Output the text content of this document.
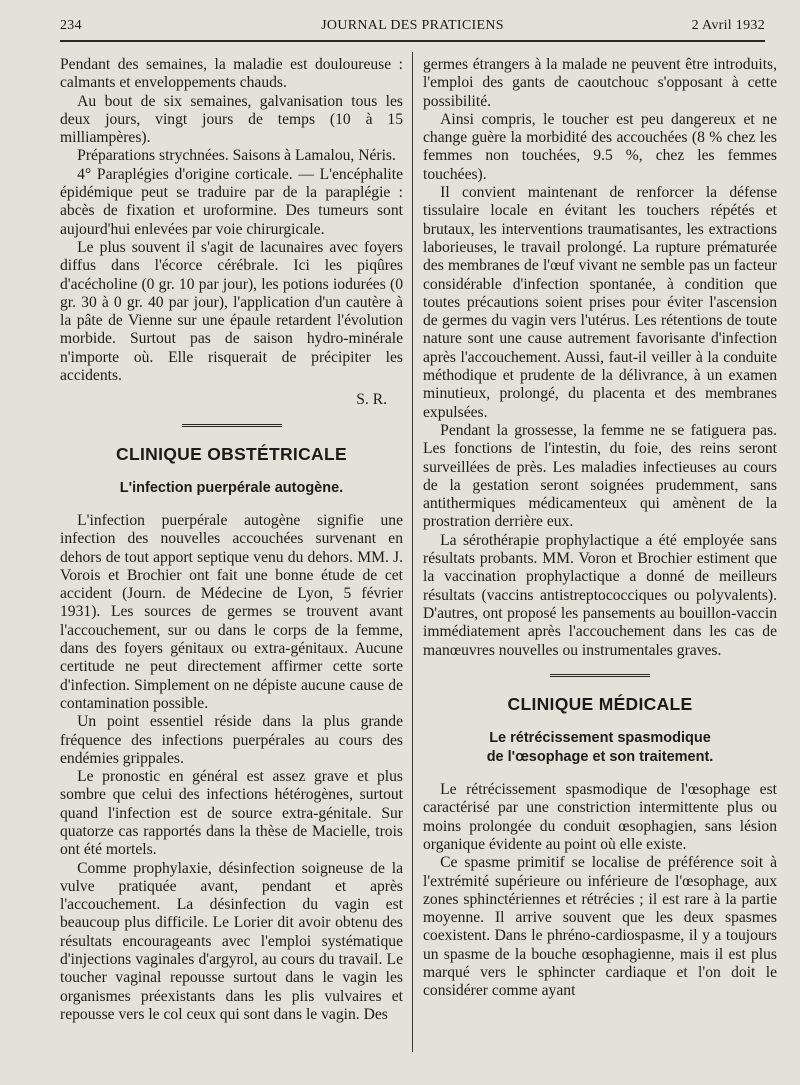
234	JOURNAL DES PRATICIENS	2 Avril 1932

Pendant des semaines, la maladie est douloureuse : calmants et enveloppements chauds.

Au bout de six semaines, galvanisation tous les deux jours, vingt jours de temps (10 à 15 milliampères).

Préparations strychnées. Saisons à Lamalou, Néris.

4° Paraplégies d'origine corticale. — L'encéphalite épidémique peut se traduire par de la paraplégie : abcès de fixation et uroformine. Des tumeurs sont aujourd'hui enlevées par voie chirurgicale.

Le plus souvent il s'agit de lacunaires avec foyers diffus dans l'écorce cérébrale. Ici les piqûres d'acécholine (0 gr. 10 par jour), les potions iodurées (0 gr. 30 à 0 gr. 40 par jour), l'application d'un cautère à la pâte de Vienne sur une épaule retardent l'évolution morbide. Surtout pas de saison hydro-minérale n'importe où. Elle risquerait de précipiter les accidents.

S. R.
CLINIQUE OBSTÉTRICALE
L'infection puerpérale autogène.

L'infection puerpérale autogène signifie une infection des nouvelles accouchées survenant en dehors de tout apport septique venu du dehors. MM. J. Vorois et Brochier ont fait une bonne étude de cet accident (Journ. de Médecine de Lyon, 5 février 1931). Les sources de germes se trouvent avant l'accouchement, sur ou dans le corps de la femme, dans des foyers génitaux ou extra-génitaux. Aucune certitude ne peut directement affirmer cette sorte d'infection. Simplement on ne dépiste aucune cause de contamination possible.

Un point essentiel réside dans la plus grande fréquence des infections puerpérales au cours des endémies grippales.

Le pronostic en général est assez grave et plus sombre que celui des infections hétérogènes, surtout quand l'infection est de source extra-génitale. Sur quatorze cas rapportés dans la thèse de Macielle, trois ont été mortels.

Comme prophylaxie, désinfection soigneuse de la vulve pratiquée avant, pendant et après l'accouchement. La désinfection du vagin est beaucoup plus difficile. Le Lorier dit avoir obtenu des résultats encourageants avec l'emploi systématique d'injections vaginales d'argyrol, au cours du travail. Le toucher vaginal repousse surtout dans le vagin les organismes préexistants dans les plis vulvaires et repousse vers le col ceux qui sont dans le vagin. Des

germes étrangers à la malade ne peuvent être introduits, l'emploi des gants de caoutchouc s'opposant à cette possibilité.

Ainsi compris, le toucher est peu dangereux et ne change guère la morbidité des accouchées (8 % chez les femmes non touchées, 9.5 %, chez les femmes touchées).

Il convient maintenant de renforcer la défense tissulaire locale en évitant les touchers répétés et brutaux, les interventions traumatisantes, les extractions laborieuses, le travail prolongé. La rupture prématurée des membranes de l'œuf vivant ne semble pas un facteur considérable d'infection spontanée, à condition que toutes précautions soient prises pour éviter l'ascension de germes du vagin vers l'utérus. Les rétentions de toute nature sont une cause autrement favorisante d'infection après l'accouchement. Aussi, faut-il veiller à la conduite méthodique et prudente de la délivrance, à un examen minutieux, prolongé, du placenta et des membranes expulsées.

Pendant la grossesse, la femme ne se fatiguera pas. Les fonctions de l'intestin, du foie, des reins seront surveillées de près. Les maladies infectieuses au cours de la gestation seront soignées prudemment, sans antithermiques médicamenteux qui amènent de la prostration derrière eux.

La sérothérapie prophylactique a été employée sans résultats probants. MM. Voron et Brochier estiment que la vaccination prophylactique a donné de meilleurs résultats (vaccins antistreptococciques ou polyvalents). D'autres, ont proposé les pansements au bouillon-vaccin immédiatement après l'accouchement dans les cas de manœuvres nouvelles ou instrumentales graves.

CLINIQUE MÉDICALE
Le rétrécissement spasmodique
de l'œsophage et son traitement.

Le rétrécissement spasmodique de l'œsophage est caractérisé par une constriction intermittente plus ou moins prolongée du conduit œsophagien, sans lésion organique évidente au point où elle existe.

Ce spasme primitif se localise de préférence soit à l'extrémité supérieure ou inférieure de l'œsophage, aux zones sphinctériennes et rétrécies ; il est rare à la partie moyenne. Il arrive souvent que les deux spasmes coexistent. Dans le phréno-cardiospasme, il y a toujours un spasme de la bouche œsophagienne, mais il est plus marqué vers le sphincter cardiaque et l'on doit le considérer comme ayant
